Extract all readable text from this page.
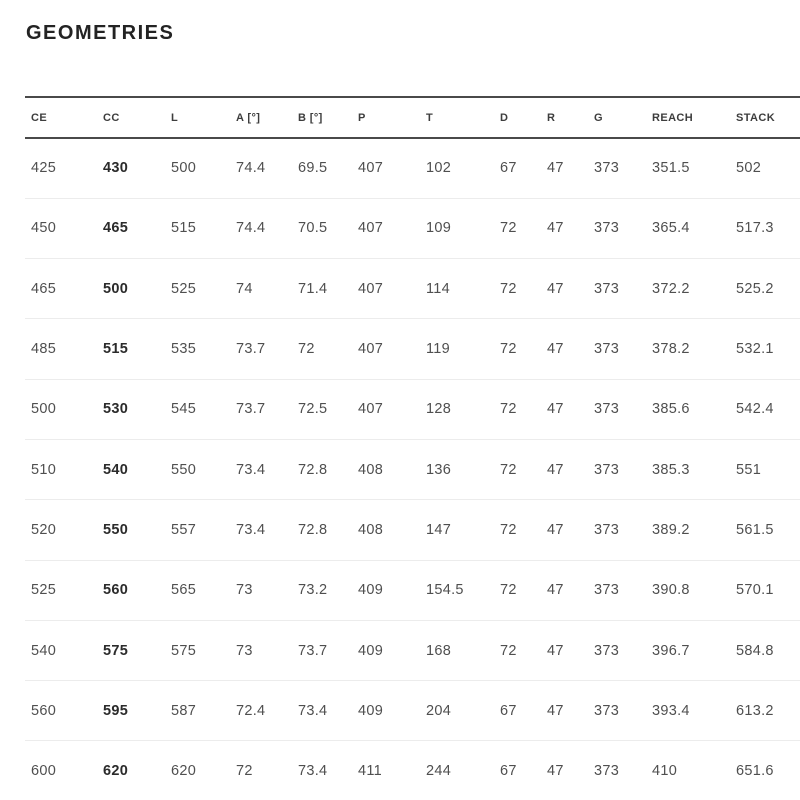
GEOMETRIES
CE	CC	L	A [°]	B [°]	P	T	D	R	G	REACH	STACK
425	430	500	74.4	69.5	407	102	67	47	373	351.5	502
450	465	515	74.4	70.5	407	109	72	47	373	365.4	517.3
465	500	525	74	71.4	407	114	72	47	373	372.2	525.2
485	515	535	73.7	72	407	119	72	47	373	378.2	532.1
500	530	545	73.7	72.5	407	128	72	47	373	385.6	542.4
510	540	550	73.4	72.8	408	136	72	47	373	385.3	551
520	550	557	73.4	72.8	408	147	72	47	373	389.2	561.5
525	560	565	73	73.2	409	154.5	72	47	373	390.8	570.1
540	575	575	73	73.7	409	168	72	47	373	396.7	584.8
560	595	587	72.4	73.4	409	204	67	47	373	393.4	613.2
600	620	620	72	73.4	411	244	67	47	373	410	651.6
